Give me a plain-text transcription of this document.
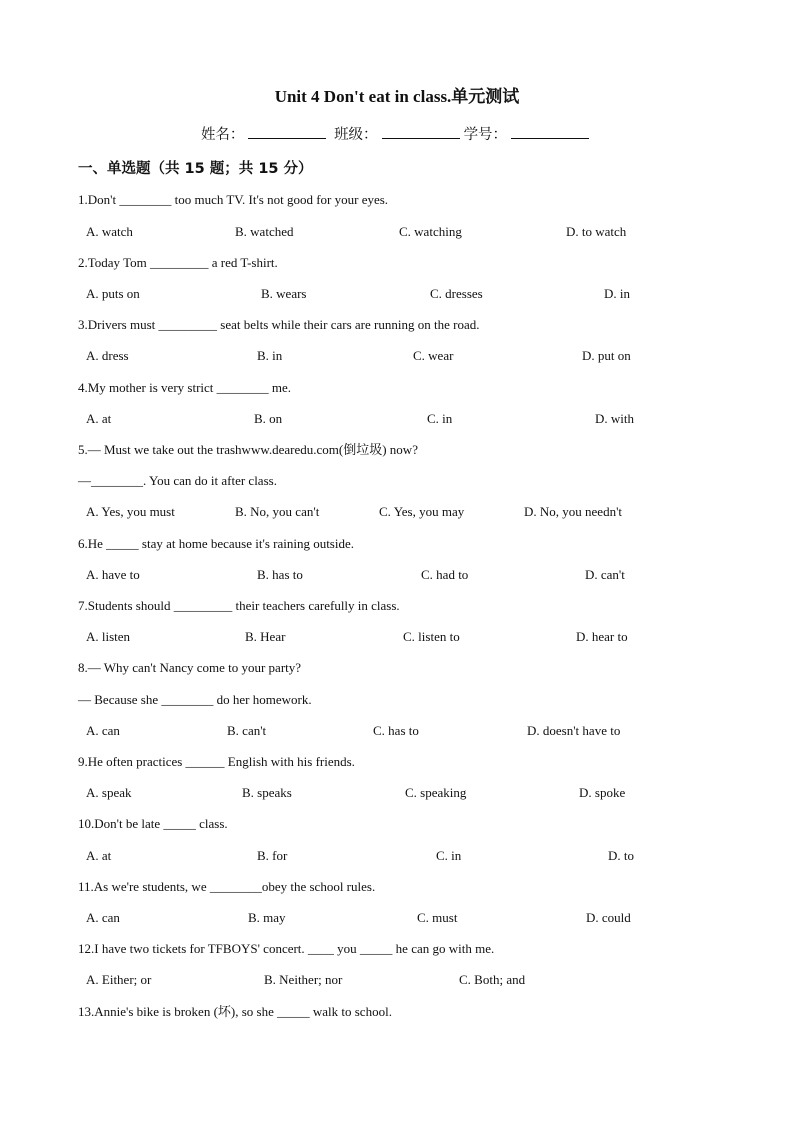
Unit 4 Don't eat in class.单元测试
姓名：	班级：	学号：
一、单选题（共 15 题；共 15 分）
1.Don't ________ too much TV. It's not good for your eyes.
A. watch	B. watched	C. watching	D. to watch
2.Today Tom _________ a red T-shirt.
A. puts on	B. wears	C. dresses	D. in
3.Drivers must _________ seat belts while their cars are running on the road.
A. dress	B. in	C. wear	D. put on
4.My mother is very strict ________ me.
A. at	B. on	C. in	D. with
5.— Must we take out the trashwww.dearedu.com(倒垃圾) now?
—________. You can do it after class.
A. Yes, you must	B. No, you can't	C. Yes, you may	D. No, you needn't
6.He _____ stay at home because it's raining outside.
A. have to	B. has to	C. had to	D. can't
7.Students should _________ their teachers carefully in class.
A. listen	B. Hear	C. listen to	D. hear to
8.— Why can't Nancy come to your party?
— Because she ________ do her homework.
A. can	B. can't	C. has to	D. doesn't have to
9.He often practices ______ English with his friends.
A. speak	B. speaks	C. speaking	D. spoke
10.Don't be late _____ class.
A. at	B. for	C. in	D. to
11.As we're students, we ________obey the school rules.
A. can	B. may	C. must	D. could
12.I have two tickets for TFBOYS' concert. ____ you _____ he can go with me.
A. Either; or	B. Neither; nor	C. Both; and
13.Annie's bike is broken (坏), so she _____ walk to school.
